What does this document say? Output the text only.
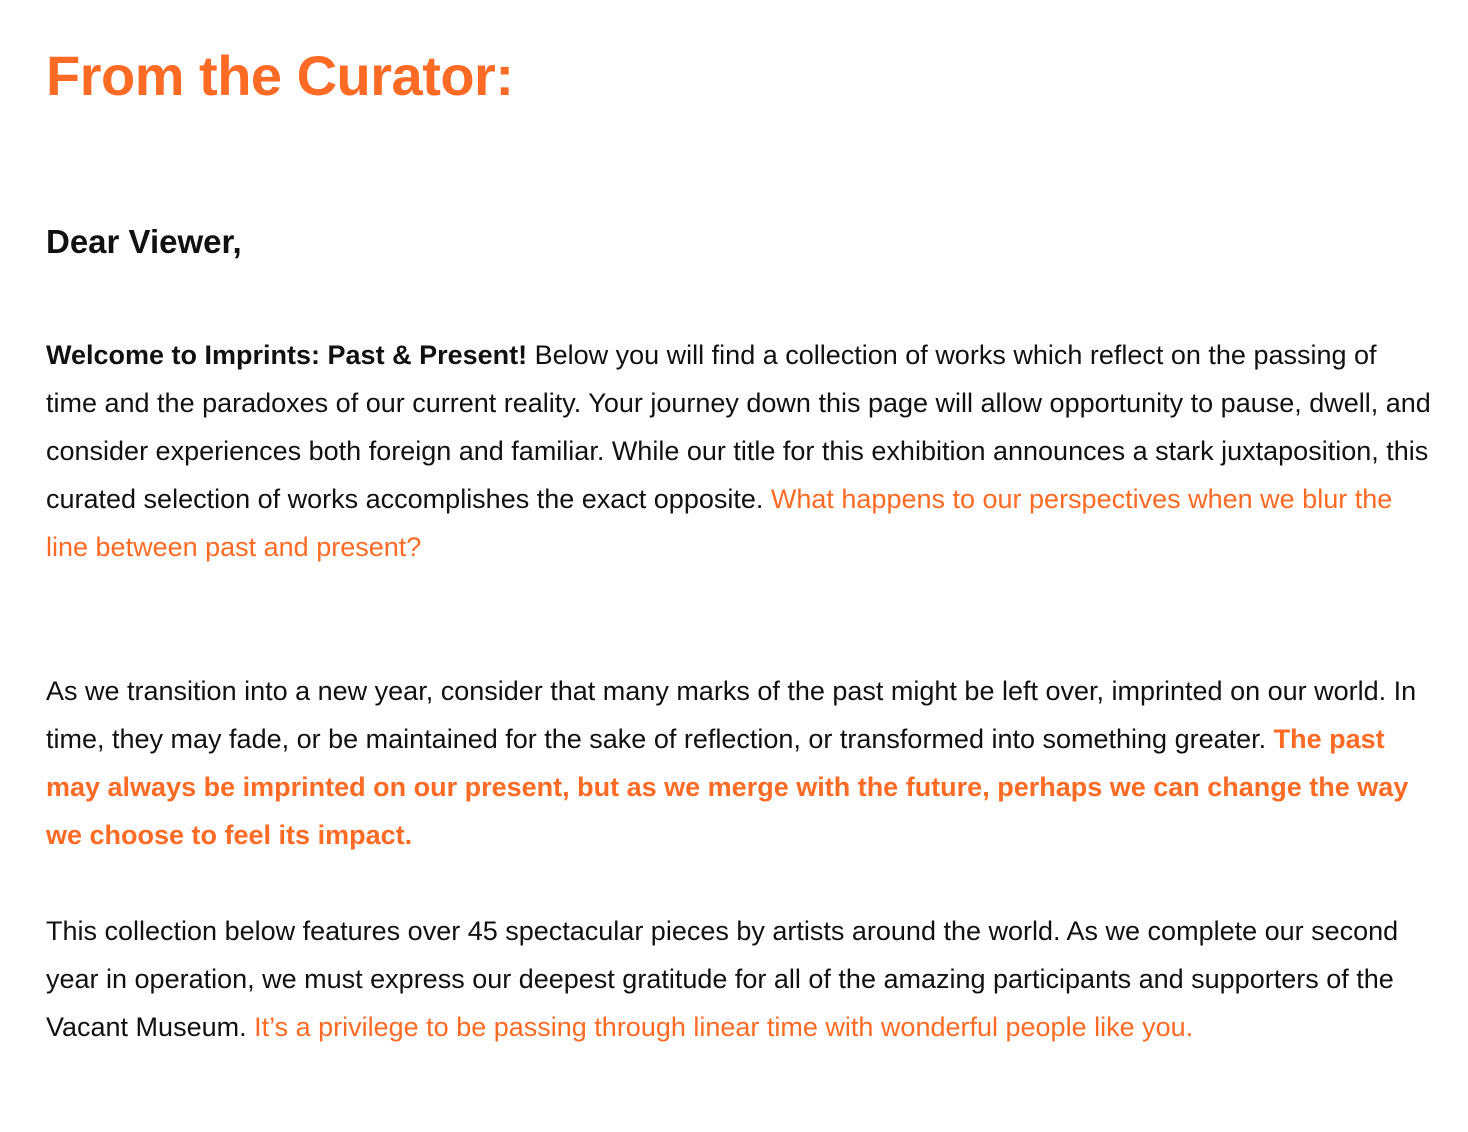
From the Curator:
Dear Viewer,

Welcome to Imprints: Past & Present! Below you will find a collection of works which reflect on the passing of time and the paradoxes of our current reality. Your journey down this page will allow opportunity to pause, dwell, and consider experiences both foreign and familiar. While our title for this exhibition announces a stark juxtaposition, this curated selection of works accomplishes the exact opposite. What happens to our perspectives when we blur the line between past and present?

As we transition into a new year, consider that many marks of the past might be left over, imprinted on our world. In time, they may fade, or be maintained for the sake of reflection, or transformed into something greater. The past may always be imprinted on our present, but as we merge with the future, perhaps we can change the way we choose to feel its impact.

This collection below features over 45 spectacular pieces by artists around the world. As we complete our second year in operation, we must express our deepest gratitude for all of the amazing participants and supporters of the Vacant Museum. It’s a privilege to be passing through linear time with wonderful people like you.
